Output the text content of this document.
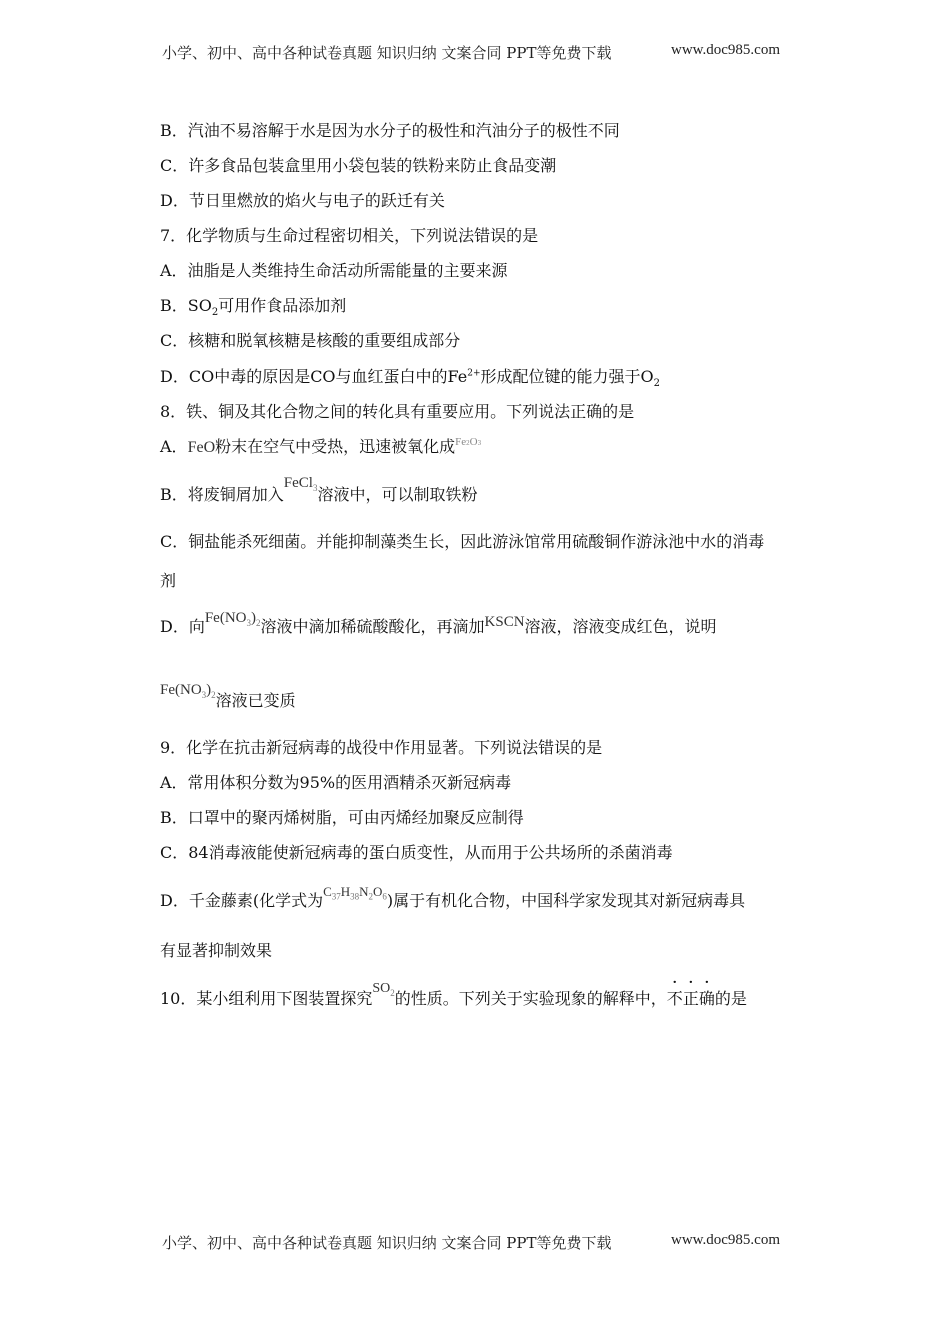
小学、初中、高中各种试卷真题 知识归纳 文案合同 PPT等免费下载	www.doc985.com
B．汽油不易溶解于水是因为水分子的极性和汽油分子的极性不同
C．许多食品包装盒里用小袋包装的铁粉来防止食品变潮
D．节日里燃放的焰火与电子的跃迁有关
7．化学物质与生命过程密切相关，下列说法错误的是
A．油脂是人类维持生命活动所需能量的主要来源
B．$SO_2$可用作食品添加剂
C．核糖和脱氧核糖是核酸的重要组成部分
D．CO中毒的原因是CO与血红蛋白中的$Fe^{2+}$形成配位键的能力强于$O_2$
8．铁、铜及其化合物之间的转化具有重要应用。下列说法正确的是
A．FeO粉末在空气中受热，迅速被氧化成$^{Fe2O3}$
B．将废铜屑加入FeCl$_3$溶液中，可以制取铁粉
C．铜盐能杀死细菌。并能抑制藻类生长，因此游泳馆常用硫酸铜作游泳池中水的消毒
剂
D．向$Fe(NO_3)_2$溶液中滴加稀硫酸酸化，再滴加KSCN溶液，溶液变成红色，说明
$Fe(NO_3)_2$溶液已变质
9．化学在抗击新冠病毒的战役中作用显著。下列说法错误的是
A．常用体积分数为95%的医用酒精杀灭新冠病毒
B．口罩中的聚丙烯树脂，可由丙烯经加聚反应制得
C．84消毒液能使新冠病毒的蛋白质变性，从而用于公共场所的杀菌消毒
D．千金藤素(化学式为$^{C_{37}H_{38}N_2O_6}$)属于有机化合物，中国科学家发现其对新冠病毒具
有显著抑制效果
10．某小组利用下图装置探究$SO_2$的性质。下列关于实验现象的解释中，不正确的是
小学、初中、高中各种试卷真题 知识归纳 文案合同 PPT等免费下载	www.doc985.com
